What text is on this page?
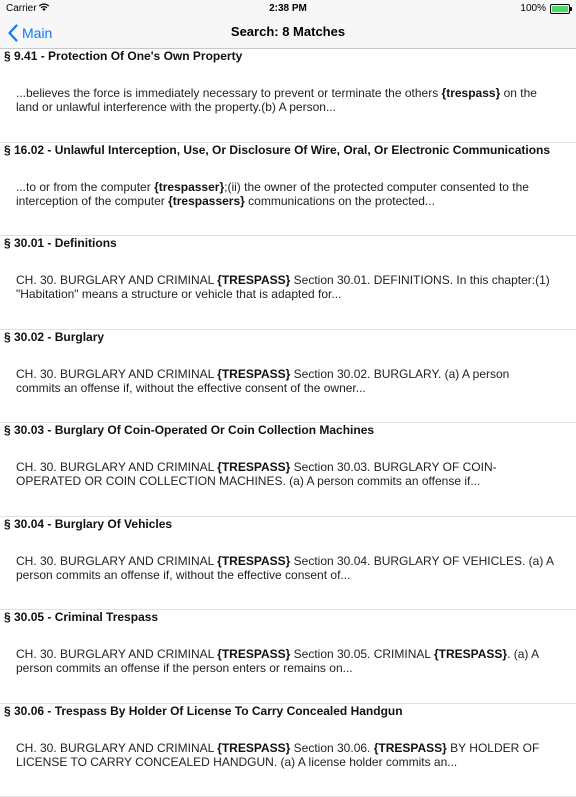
Carrier	2:38 PM	100%
Main	Search: 8 Matches
§ 9.41 - Protection Of One's Own Property
...believes the force is immediately necessary to prevent or terminate the others {trespass} on the land or unlawful interference with the property.(b) A person...
§ 16.02 - Unlawful Interception, Use, Or Disclosure Of Wire, Oral, Or Electronic Communications
...to or from the computer {trespasser};(ii) the owner of the protected computer consented to the interception of the computer {trespassers} communications on the protected...
§ 30.01 - Definitions
CH. 30. BURGLARY AND CRIMINAL {TRESPASS} Section 30.01. DEFINITIONS. In this chapter:(1) "Habitation" means a structure or vehicle that is adapted for...
§ 30.02 - Burglary
CH. 30. BURGLARY AND CRIMINAL {TRESPASS} Section 30.02. BURGLARY. (a) A person commits an offense if, without the effective consent of the owner...
§ 30.03 - Burglary Of Coin-Operated Or Coin Collection Machines
CH. 30. BURGLARY AND CRIMINAL {TRESPASS} Section 30.03. BURGLARY OF COIN-OPERATED OR COIN COLLECTION MACHINES. (a) A person commits an offense if...
§ 30.04 - Burglary Of Vehicles
CH. 30. BURGLARY AND CRIMINAL {TRESPASS} Section 30.04. BURGLARY OF VEHICLES. (a) A person commits an offense if, without the effective consent of...
§ 30.05 - Criminal Trespass
CH. 30. BURGLARY AND CRIMINAL {TRESPASS} Section 30.05. CRIMINAL {TRESPASS}. (a) A person commits an offense if the person enters or remains on...
§ 30.06 - Trespass By Holder Of License To Carry Concealed Handgun
CH. 30. BURGLARY AND CRIMINAL {TRESPASS} Section 30.06. {TRESPASS} BY HOLDER OF LICENSE TO CARRY CONCEALED HANDGUN. (a) A license holder commits an...
